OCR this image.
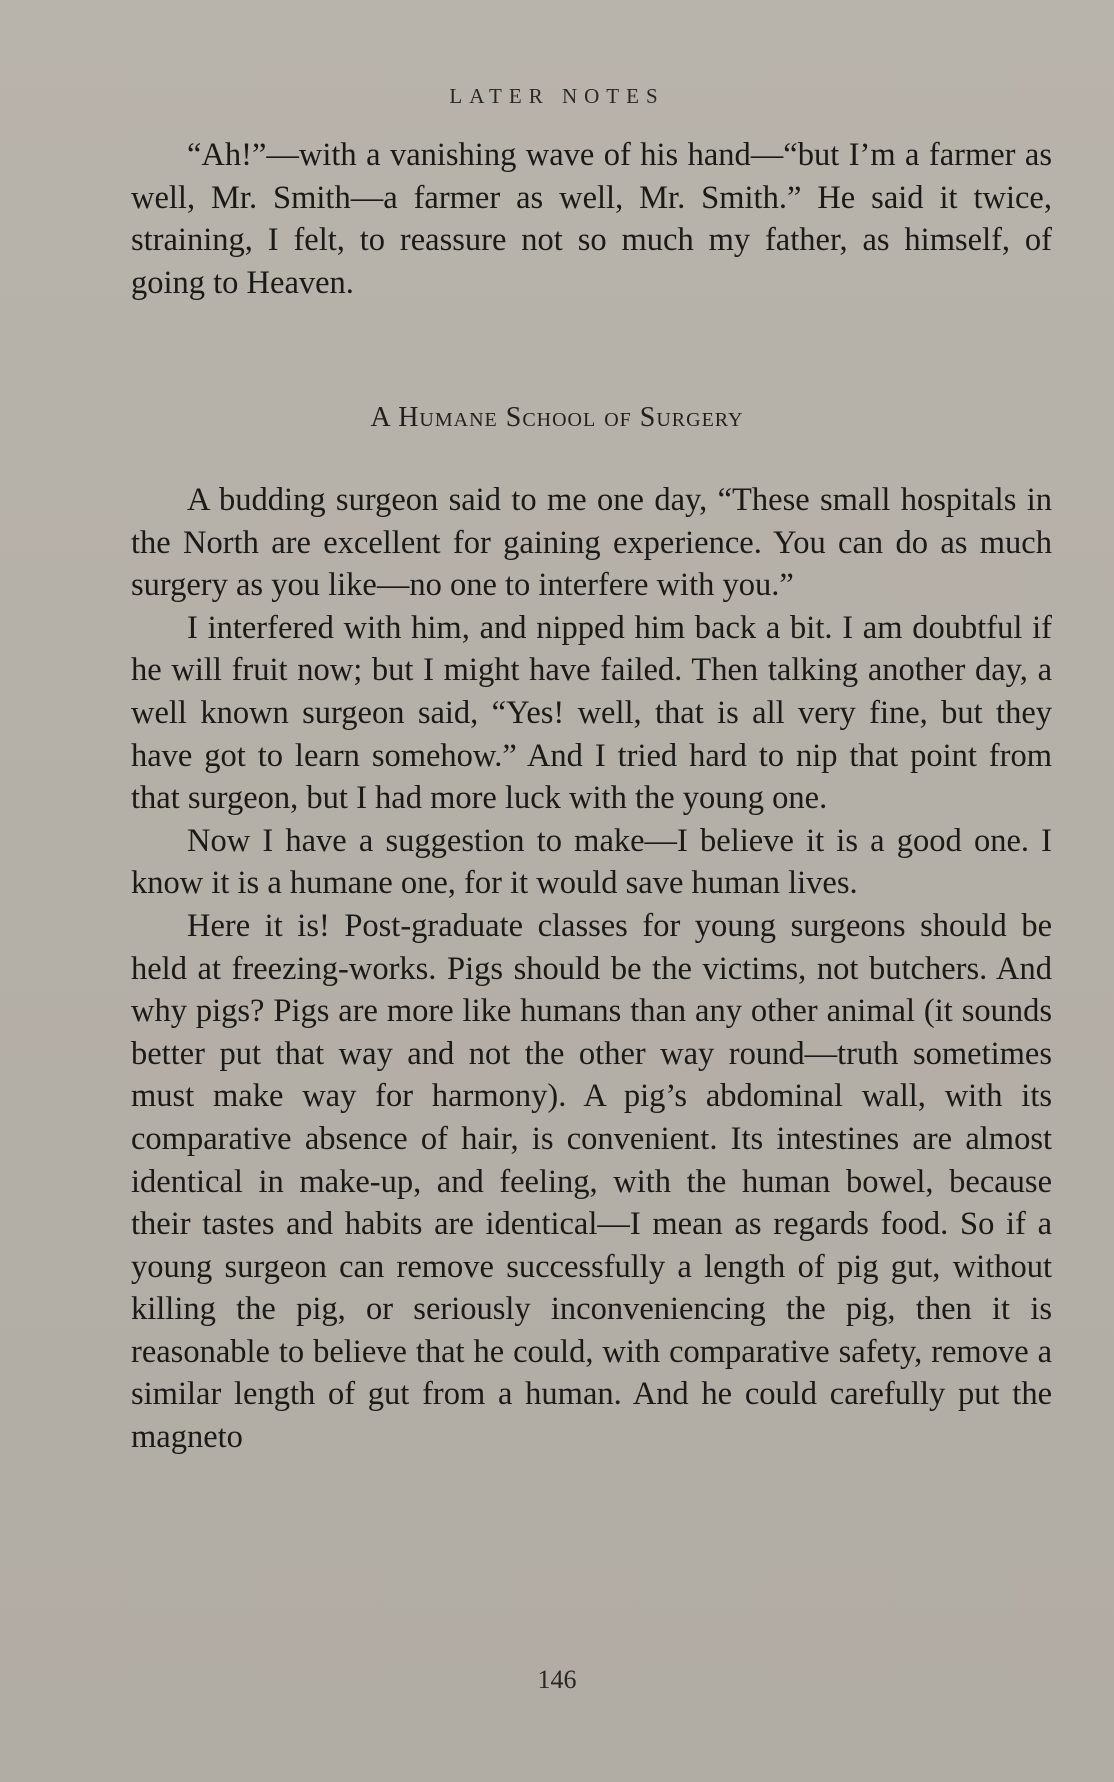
LATER NOTES

“Ah!”—with a vanishing wave of his hand—“but I’m a farmer as well, Mr. Smith—a farmer as well, Mr. Smith.” He said it twice, straining, I felt, to reassure not so much my father, as himself, of going to Heaven.

A Humane School of Surgery

A budding surgeon said to me one day, “These small hospitals in the North are excellent for gaining experience. You can do as much surgery as you like—no one to interfere with you.”

I interfered with him, and nipped him back a bit. I am doubtful if he will fruit now; but I might have failed. Then talking another day, a well known surgeon said, “Yes! well, that is all very fine, but they have got to learn somehow.” And I tried hard to nip that point from that surgeon, but I had more luck with the young one.

Now I have a suggestion to make—I believe it is a good one. I know it is a humane one, for it would save human lives.

Here it is! Post-graduate classes for young surgeons should be held at freezing-works. Pigs should be the victims, not butchers. And why pigs? Pigs are more like humans than any other animal (it sounds better put that way and not the other way round—truth sometimes must make way for harmony). A pig’s abdominal wall, with its comparative absence of hair, is convenient. Its intestines are almost identical in make-up, and feeling, with the human bowel, because their tastes and habits are identical—I mean as regards food. So if a young surgeon can remove successfully a length of pig gut, without killing the pig, or seriously inconveniencing the pig, then it is reasonable to believe that he could, with comparative safety, remove a similar length of gut from a human. And he could carefully put the magneto

146
